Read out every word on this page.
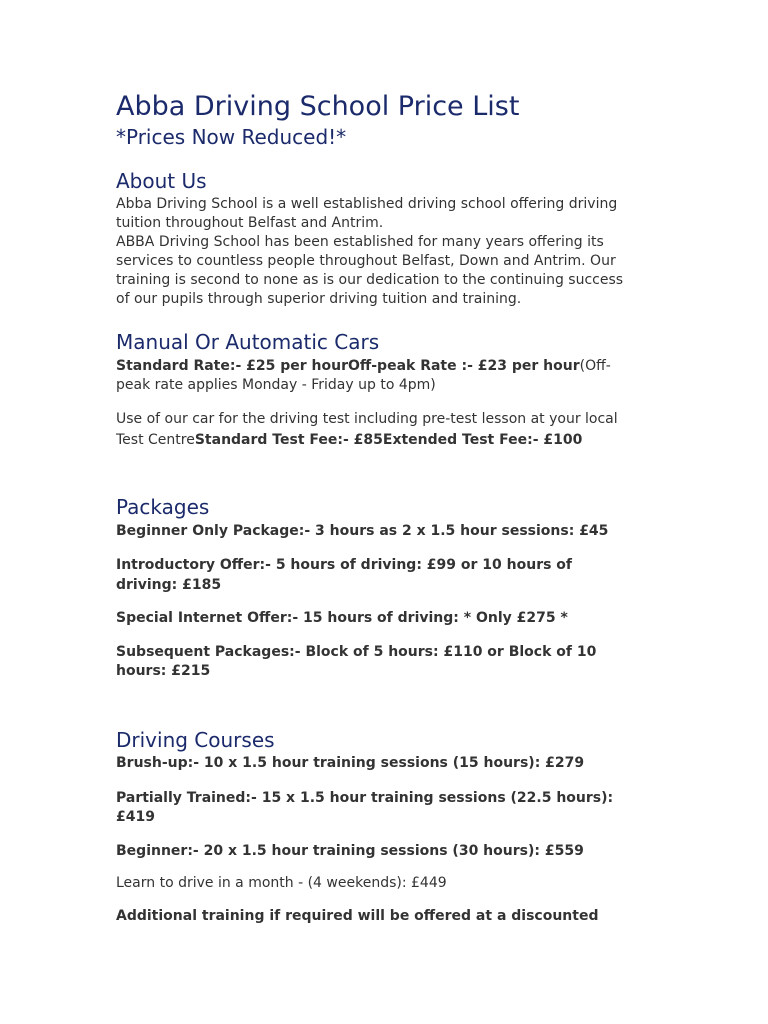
Abba Driving School Price List
*Prices Now Reduced!*
About Us
Abba Driving School is a well established driving school offering driving
tuition throughout Belfast and Antrim.
ABBA Driving School has been established for many years offering its
services to countless people throughout Belfast, Down and Antrim. Our
training is second to none as is our dedication to the continuing success
of our pupils through superior driving tuition and training.
Manual Or Automatic Cars
Standard Rate:- £25 per hourOff-peak Rate :- £23 per hour(Off-
peak rate applies Monday - Friday up to 4pm)
Use of our car for the driving test including pre-test lesson at your local
Test CentreStandard Test Fee:- £85Extended Test Fee:- £100
Packages
Beginner Only Package:- 3 hours as 2 x 1.5 hour sessions: £45
Introductory Offer:- 5 hours of driving: £99 or 10 hours of
driving: £185
Special Internet Offer:- 15 hours of driving: * Only £275 *
Subsequent Packages:- Block of 5 hours: £110 or Block of 10
hours: £215
Driving Courses
Brush-up:- 10 x 1.5 hour training sessions (15 hours): £279
Partially Trained:- 15 x 1.5 hour training sessions (22.5 hours):
£419
Beginner:- 20 x 1.5 hour training sessions (30 hours): £559
Learn to drive in a month - (4 weekends): £449
Additional training if required will be offered at a discounted
